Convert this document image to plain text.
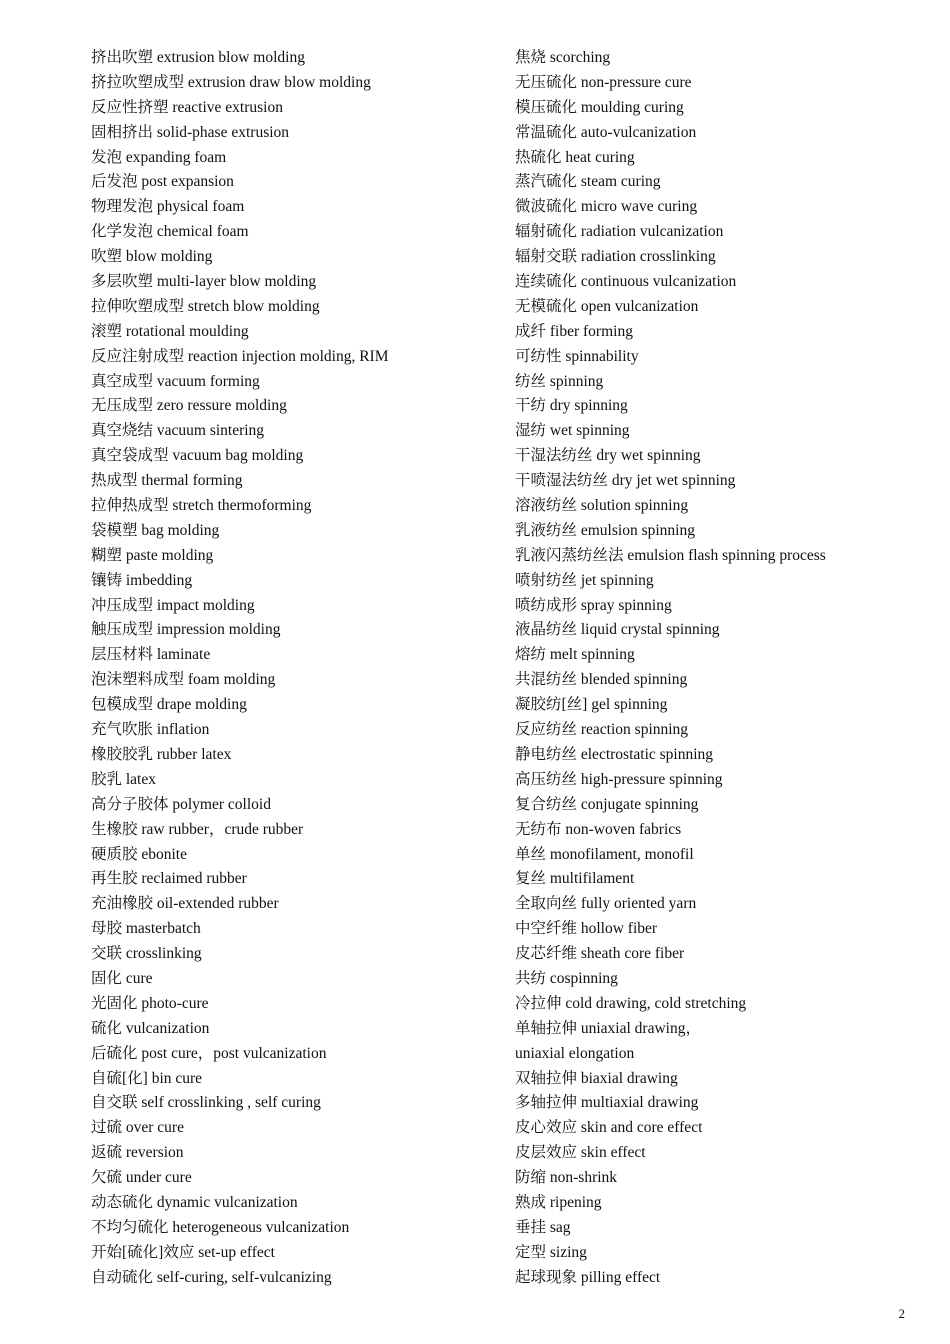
挤出吹塑 extrusion blow molding
挤拉吹塑成型 extrusion draw blow molding
反应性挤塑 reactive extrusion
固相挤出 solid-phase extrusion
发泡 expanding foam
后发泡 post expansion
物理发泡 physical foam
化学发泡 chemical foam
吹塑 blow molding
多层吹塑 multi-layer blow molding
拉伸吹塑成型 stretch blow molding
滚塑 rotational moulding
反应注射成型 reaction injection molding, RIM
真空成型 vacuum forming
无压成型 zero ressure molding
真空烧结 vacuum sintering
真空袋成型 vacuum bag molding
热成型 thermal forming
拉伸热成型 stretch thermoforming
袋模塑 bag molding
糊塑 paste molding
镶铸 imbedding
冲压成型 impact molding
触压成型 impression molding
层压材料 laminate
泡沫塑料成型 foam molding
包模成型 drape molding
充气吹胀 inflation
橡胶胶乳 rubber latex
胶乳 latex
高分子胶体 polymer colloid
生橡胶 raw rubber，crude rubber
硬质胶 ebonite
再生胶 reclaimed rubber
充油橡胶 oil-extended rubber
母胶 masterbatch
交联 crosslinking
固化 cure
光固化 photo-cure
硫化 vulcanization
后硫化 post cure，post vulcanization
自硫[化] bin cure
自交联 self crosslinking , self curing
过硫 over cure
返硫 reversion
欠硫 under cure
动态硫化 dynamic vulcanization
不均匀硫化 heterogeneous vulcanization
开始[硫化]效应 set-up effect
自动硫化 self-curing, self-vulcanizing
焦烧 scorching
无压硫化 non-pressure cure
模压硫化 moulding curing
常温硫化 auto-vulcanization
热硫化 heat curing
蒸汽硫化 steam curing
微波硫化 micro wave curing
辐射硫化 radiation vulcanization
辐射交联 radiation crosslinking
连续硫化 continuous vulcanization
无模硫化 open vulcanization
成纤 fiber forming
可纺性 spinnability
纺丝 spinning
干纺 dry spinning
湿纺 wet spinning
干湿法纺丝 dry wet spinning
干喷湿法纺丝 dry jet wet spinning
溶液纺丝 solution spinning
乳液纺丝 emulsion spinning
乳液闪蒸纺丝法 emulsion flash spinning process
喷射纺丝 jet spinning
喷纺成形 spray spinning
液晶纺丝 liquid crystal spinning
熔纺 melt spinning
共混纺丝 blended spinning
凝胶纺[丝] gel spinning
反应纺丝 reaction spinning
静电纺丝 electrostatic spinning
高压纺丝 high-pressure spinning
复合纺丝 conjugate spinning
无纺布 non-woven fabrics
单丝 monofilament, monofil
复丝 multifilament
全取向丝 fully oriented yarn
中空纤维 hollow fiber
皮芯纤维 sheath core fiber
共纺 cospinning
冷拉伸 cold drawing, cold stretching
单轴拉伸 uniaxial drawing，
uniaxial elongation
双轴拉伸 biaxial drawing
多轴拉伸 multiaxial drawing
皮心效应 skin and core effect
皮层效应 skin effect
防缩 non-shrink
熟成 ripening
垂挂 sag
定型 sizing
起球现象 pilling effect
2
